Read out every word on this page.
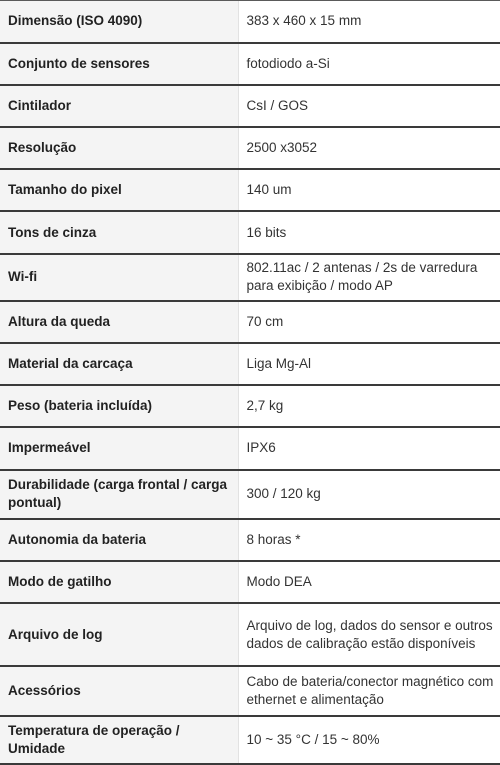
Dimensão (ISO 4090)	383 x 460 x 15 mm
Conjunto de sensores	fotodiodo a-Si
Cintilador	CsI / GOS
Resolução	2500 x3052
Tamanho do pixel	140 um
Tons de cinza	16 bits
Wi-fi	802.11ac / 2 antenas / 2s de varredura para exibição / modo AP
Altura da queda	70 cm
Material da carcaça	Liga Mg-Al
Peso (bateria incluída)	2,7 kg
Impermeável	IPX6
Durabilidade (carga frontal / carga pontual)	300 / 120 kg
Autonomia da bateria	8 horas *
Modo de gatilho	Modo DEA
Arquivo de log	Arquivo de log, dados do sensor e outros dados de calibração estão disponíveis
Acessórios	Cabo de bateria/conector magnético com ethernet e alimentação
Temperatura de operação / Umidade	10 ~ 35 °C / 15 ~ 80%
